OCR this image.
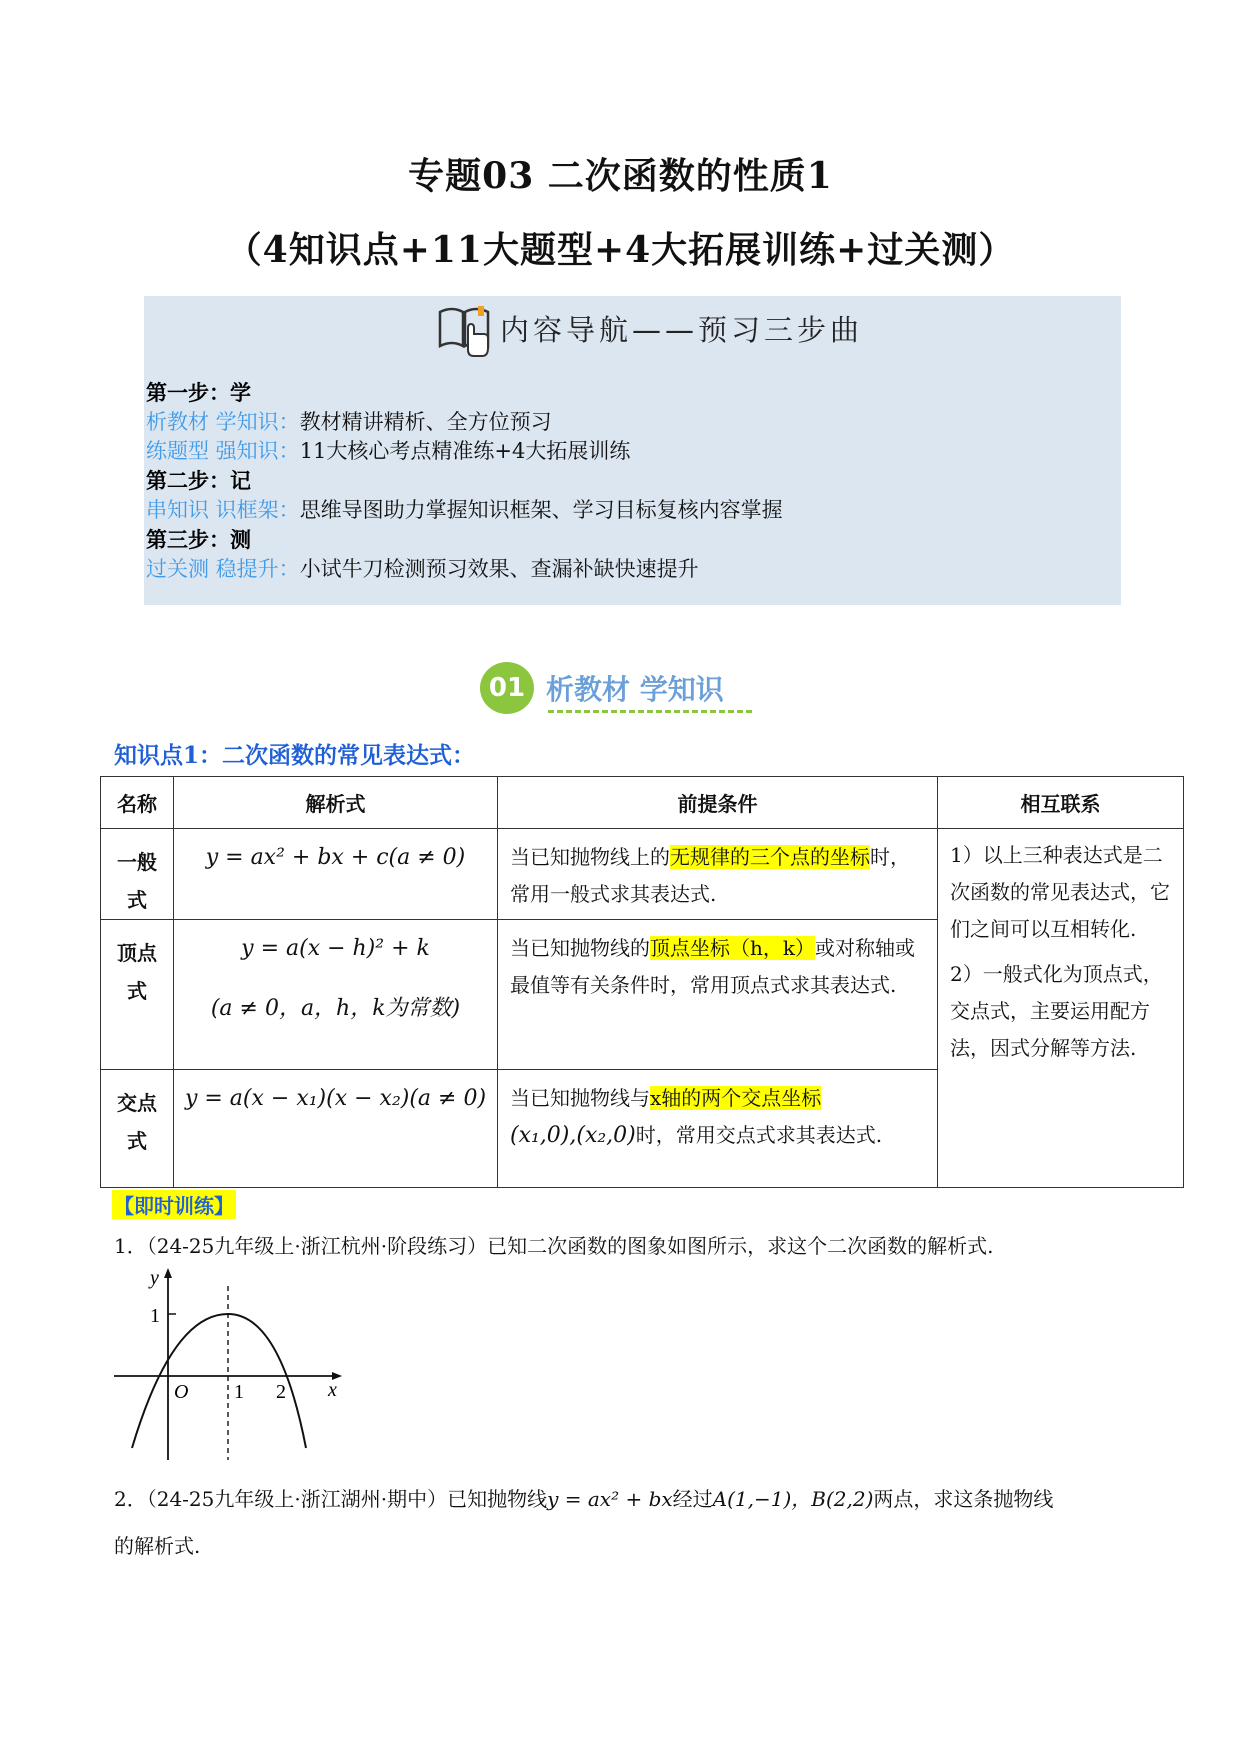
专题03 二次函数的性质1
（4知识点+11大题型+4大拓展训练+过关测）
内容导航——预习三步曲
第一步：学
析教材 学知识：教材精讲精析、全方位预习
练题型 强知识：11大核心考点精准练+4大拓展训练
第二步：记
串知识 识框架：思维导图助力掌握知识框架、学习目标复核内容掌握
第三步：测
过关测 稳提升：小试牛刀检测预习效果、查漏补缺快速提升
01 析教材 学知识
知识点1：二次函数的常见表达式：
名称	解析式	前提条件	相互联系

一般式	y = ax² + bx + c(a ≠ 0)	当已知抛物线上的无规律的三个点的坐标时，常用一般式求其表达式.	1）以上三种表达式是二次函数的常见表达式，它们之间可以互相转化.
2）一般式化为顶点式，交点式，主要运用配方法，因式分解等方法.

顶点式	y = a(x − h)² + k
(a ≠ 0，a，h，k为常数)	当已知抛物线的顶点坐标（h，k）或对称轴或最值等有关条件时，常用顶点式求其表达式.	

交点式	y = a(x − x₁)(x − x₂)(a ≠ 0)	当已知抛物线与x轴的两个交点坐标
(x₁,0),(x₂,0)时，常用交点式求其表达式.	
【即时训练】
1．（24-25九年级上·浙江杭州·阶段练习）已知二次函数的图象如图所示，求这个二次函数的解析式.
y
x
O
1
1 2
2．（24-25九年级上·浙江湖州·期中）已知抛物线y = ax² + bx经过A(1,−1)，B(2,2)两点，求这条抛物线
的解析式.
